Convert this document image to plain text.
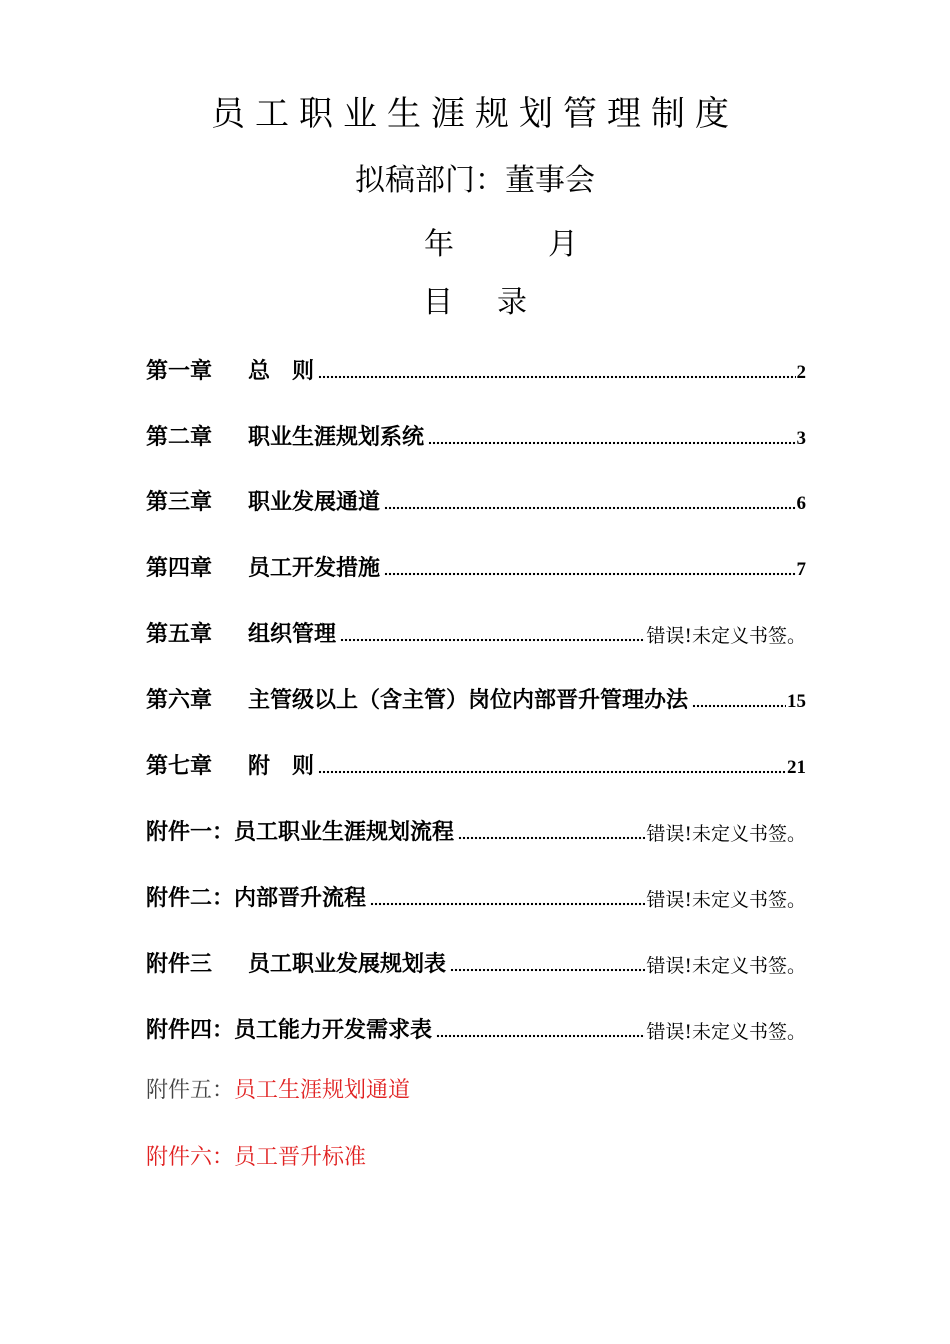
员工职业生涯规划管理制度
拟稿部门：董事会
年	月
目 录
第一章	总　则	2
第二章	职业生涯规划系统	3
第三章	职业发展通道	6
第四章	员工开发措施	7
第五章	组织管理	错误!未定义书签。
第六章	主管级以上（含主管）岗位内部晋升管理办法	15
第七章	附　则	21
附件一： 员工职业生涯规划流程	错误!未定义书签。
附件二： 内部晋升流程	错误!未定义书签。
附件三	员工职业发展规划表	错误!未定义书签。
附件四： 员工能力开发需求表	错误!未定义书签。
附件五：员工生涯规划通道
附件六：员工晋升标准
